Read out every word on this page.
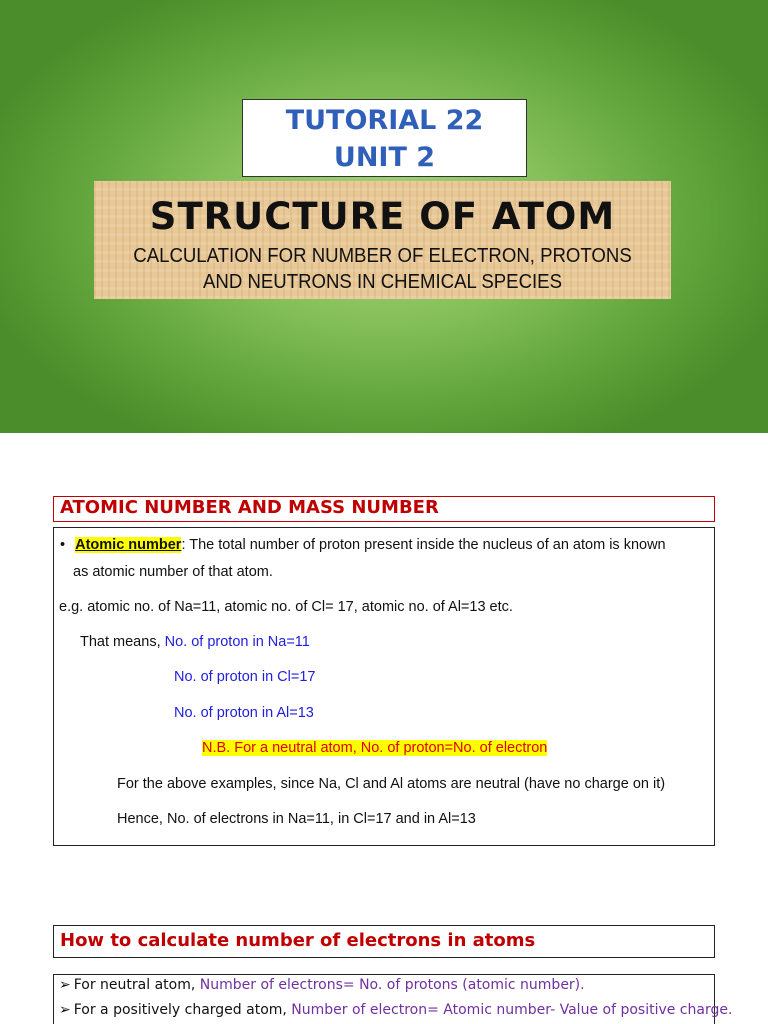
TUTORIAL 22
UNIT 2
STRUCTURE OF ATOM
CALCULATION FOR NUMBER OF ELECTRON, PROTONS
AND NEUTRONS IN CHEMICAL SPECIES
ATOMIC NUMBER AND MASS NUMBER
• Atomic number: The total number of proton present inside the nucleus of an atom is known
as atomic number of that atom.
e.g. atomic no. of Na=11, atomic no. of Cl= 17, atomic no. of Al=13 etc.
That means, No. of proton in Na=11
No. of proton in Cl=17
No. of proton in Al=13
N.B. For a neutral atom, No. of proton=No. of electron
For the above examples, since Na, Cl and Al atoms are neutral (have no charge on it)
Hence, No. of electrons in Na=11, in Cl=17 and in Al=13
How to calculate number of electrons in atoms
➢ For neutral atom, Number of electrons= No. of protons (atomic number).
➢ For a positively charged atom, Number of electron= Atomic number- Value of positive charge.
